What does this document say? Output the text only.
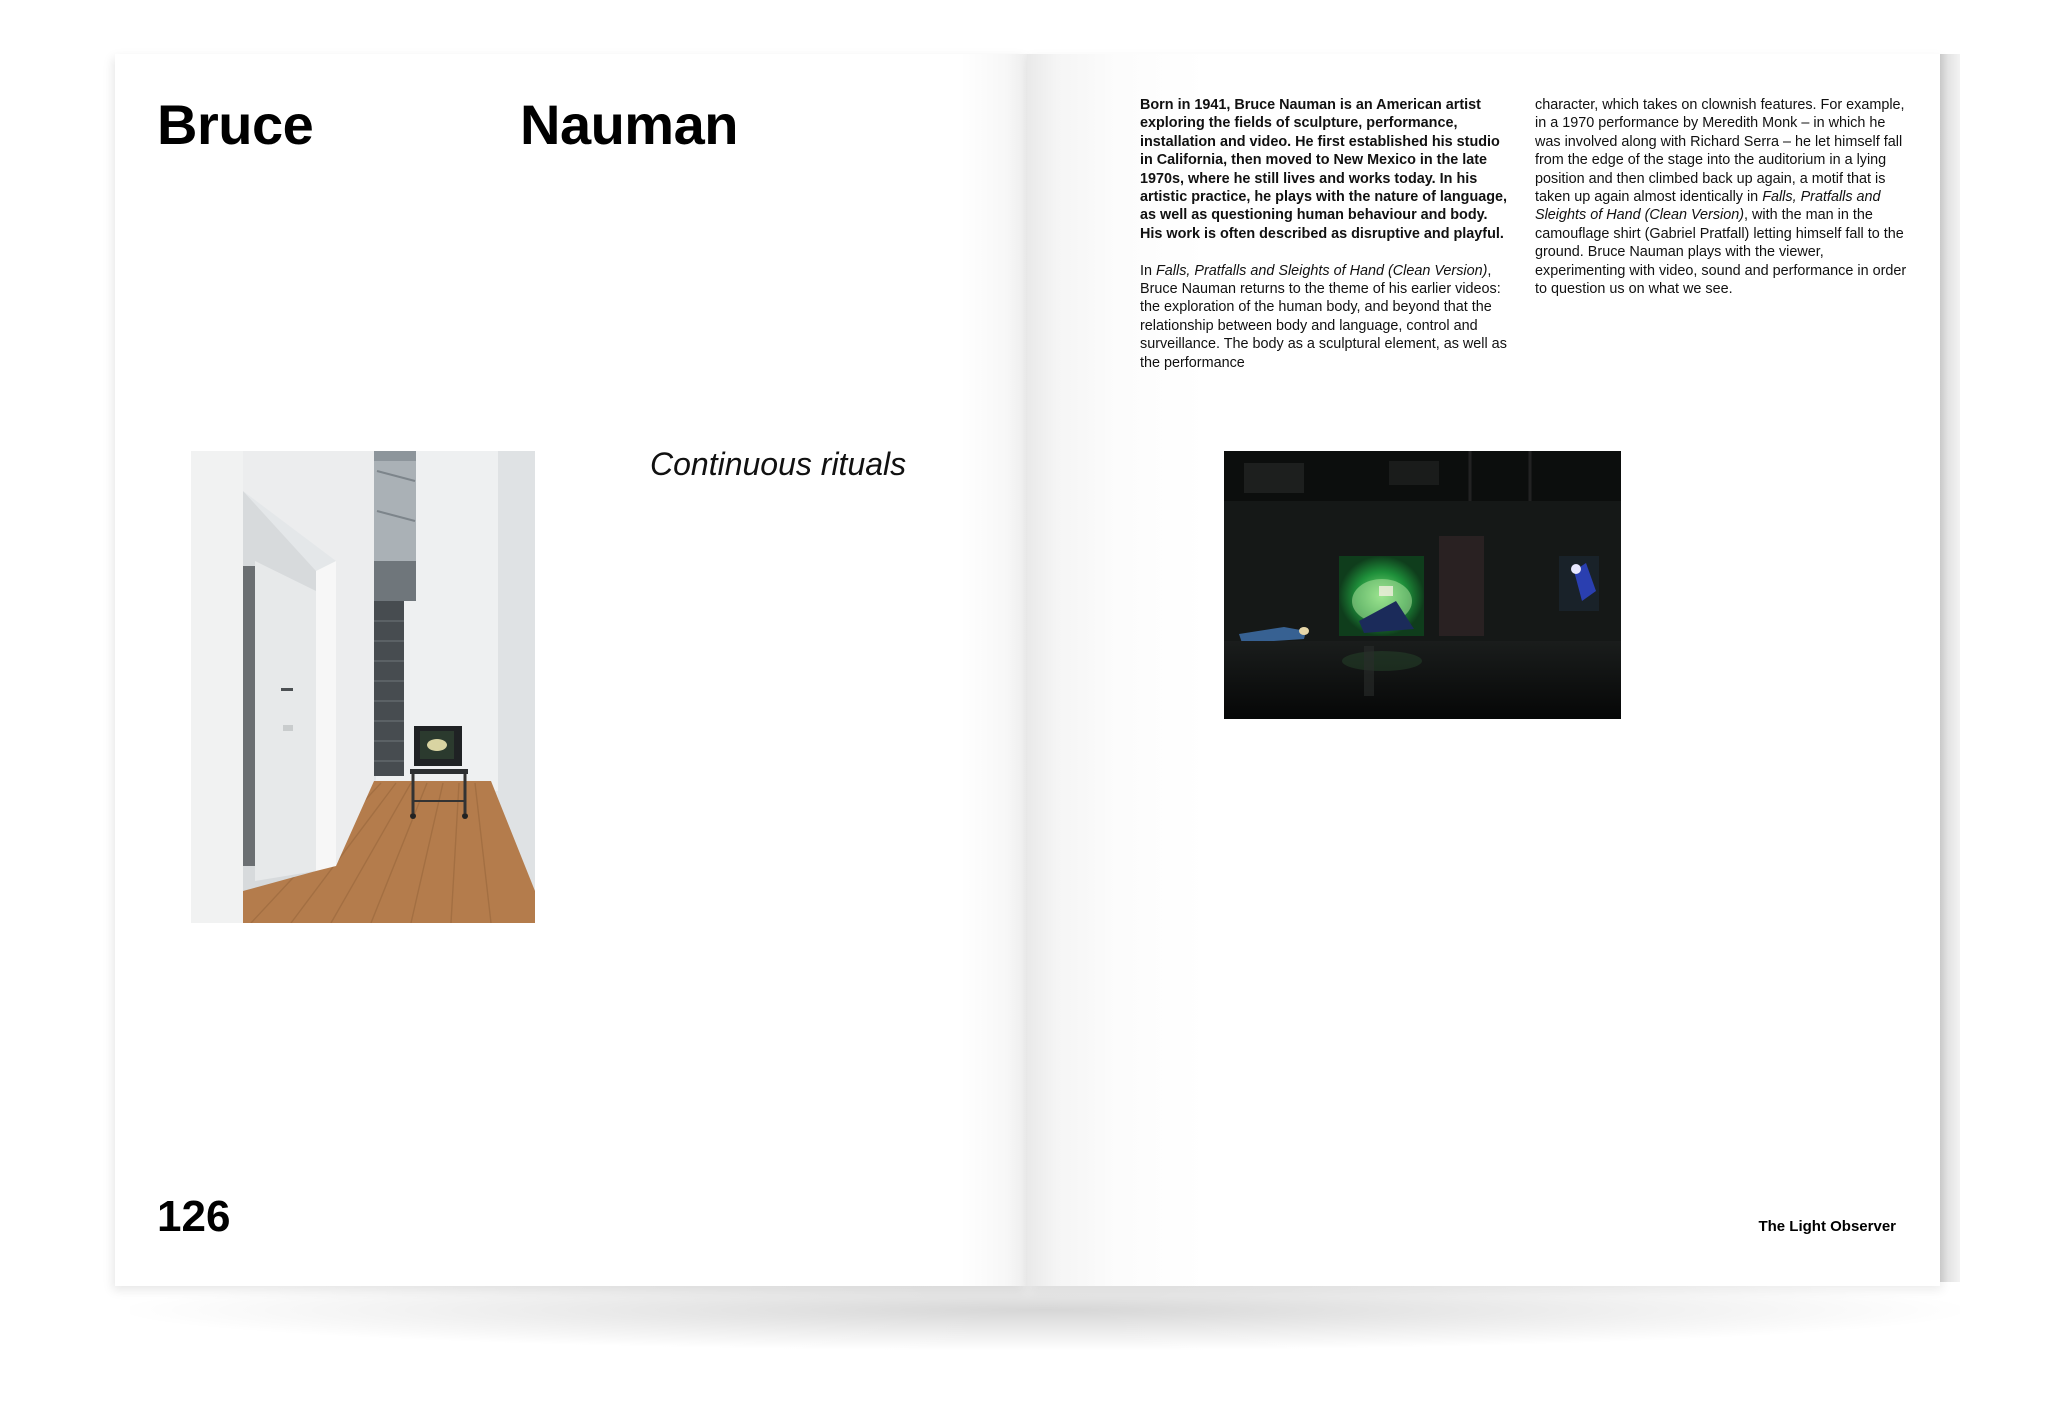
Bruce	Nauman
Continuous rituals
126

Born in 1941, Bruce Nauman is an American artist exploring the fields of sculpture, performance, installation and video. He first established his studio in California, then moved to New Mexico in the late 1970s, where he still lives and works today. In his artistic practice, he plays with the nature of language, as well as questioning human behaviour and body. His work is often described as disruptive and playful.

In Falls, Pratfalls and Sleights of Hand (Clean Version), Bruce Nauman returns to the theme of his earlier videos: the exploration of the human body, and beyond that the relationship between body and language, control and surveillance. The body as a sculptural element, as well as the performance

character, which takes on clownish features. For example, in a 1970 performance by Meredith Monk – in which he was involved along with Richard Serra – he let himself fall from the edge of the stage into the auditorium in a lying position and then climbed back up again, a motif that is taken up again almost identically in Falls, Pratfalls and Sleights of Hand (Clean Version), with the man in the camouflage shirt (Gabriel Pratfall) letting himself fall to the ground. Bruce Nauman plays with the viewer, experimenting with video, sound and performance in order to question us on what we see.

The Light Observer
